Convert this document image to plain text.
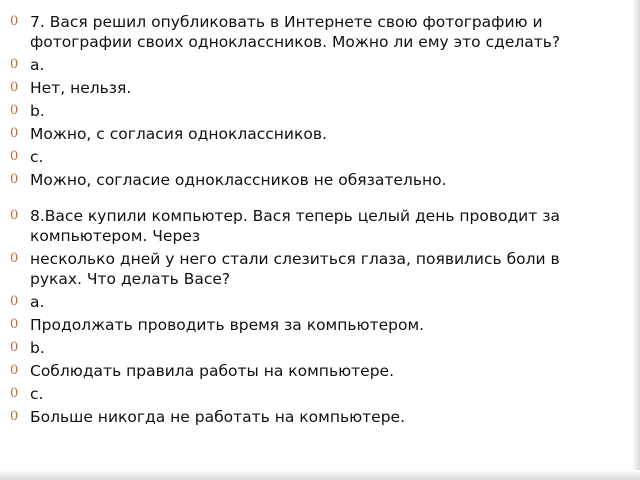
0 7. Вася решил опубликовать в Интернете свою фотографию и фотографии своих одноклассников. Можно ли ему это сделать?
0 a.
0 Нет, нельзя.
0 b.
0 Можно, с согласия одноклассников.
0 c.
0 Можно, согласие одноклассников не обязательно.
0 8.Васе купили компьютер. Вася теперь целый день проводит за компьютером. Через
0 несколько дней у него стали слезиться глаза, появились боли в руках. Что делать Васе?
0 a.
0 Продолжать проводить время за компьютером.
0 b.
0 Соблюдать правила работы на компьютере.
0 c.
0 Больше никогда не работать на компьютере.
